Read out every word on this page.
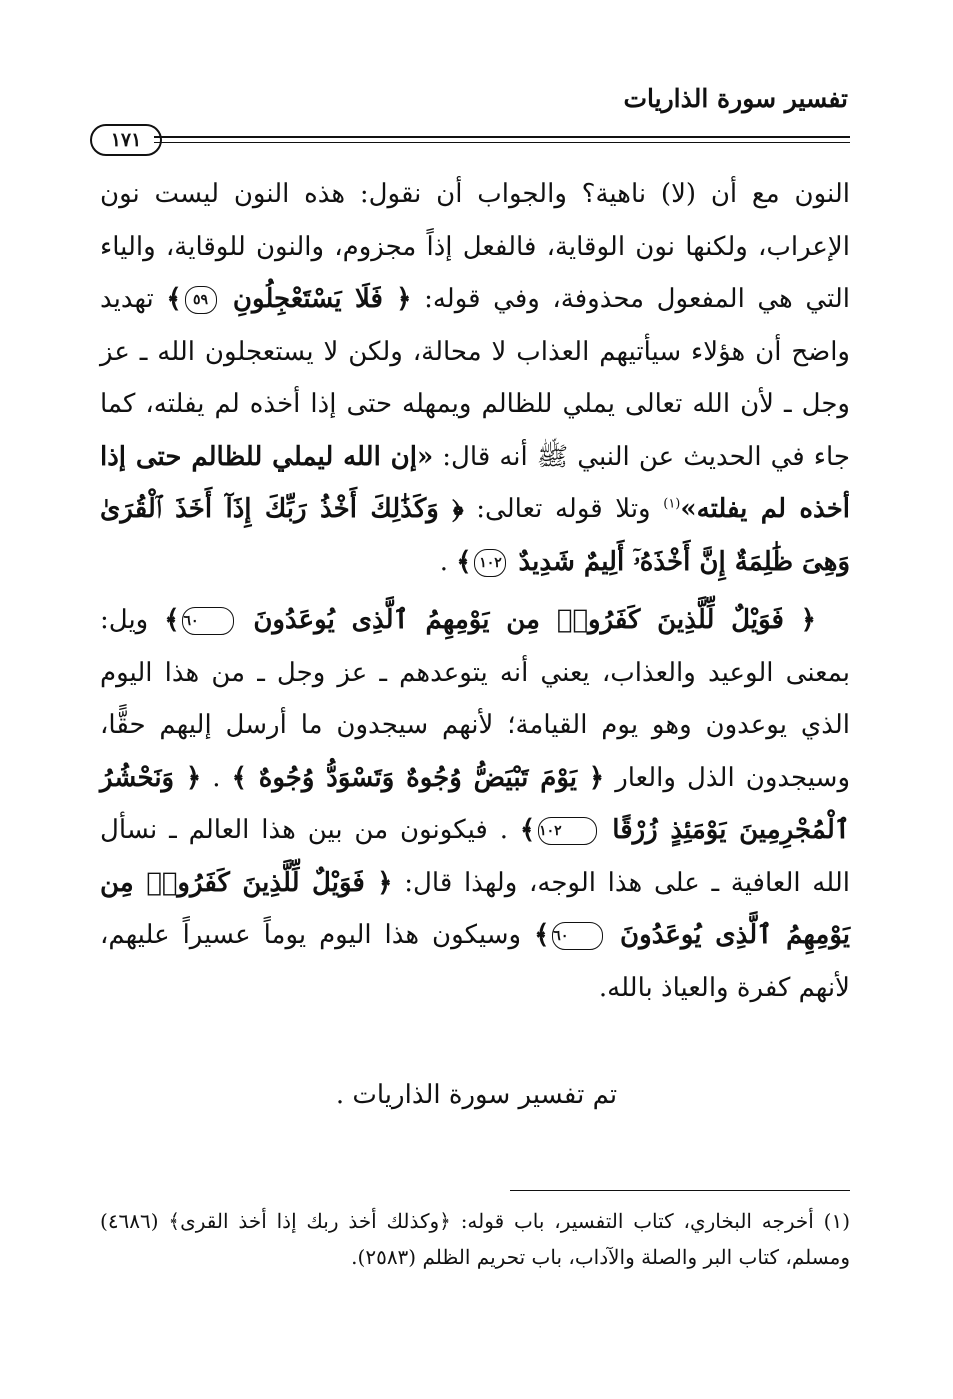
تفسير سورة الذاريات
١٧١

النون مع أن (لا) ناهية؟ والجواب أن نقول: هذه النون ليست نون الإعراب، ولكنها نون الوقاية، فالفعل إذاً مجزوم، والنون للوقاية، والياء التي هي المفعول محذوفة، وفي قوله: ﴿ فَلَا يَسْتَعْجِلُونِ ٥٩﴾ تهديد واضح أن هؤلاء سيأتيهم العذاب لا محالة، ولكن لا يستعجلون الله ـ عز وجل ـ لأن الله تعالى يملي للظالم ويمهله حتى إذا أخذه لم يفلته، كما جاء في الحديث عن النبي ﷺ أنه قال: «إن الله ليملي للظالم حتى إذا أخذه لم يفلته»$^{(١)}$ وتلا قوله تعالى: ﴿ وَكَذَٰلِكَ أَخْذُ رَبِّكَ إِذَآ أَخَذَ ٱلْقُرَىٰ وَهِىَ ظَٰلِمَةٌ إِنَّ أَخْذَهُۥٓ أَلِيمٌ شَدِيدٌ ١٠٢﴾ .

﴿ فَوَيْلٌ لِّلَّذِينَ كَفَرُوا۟ مِن يَوْمِهِمُ ٱلَّذِى يُوعَدُونَ ٦٠﴾ ويل: بمعنى الوعيد والعذاب، يعني أنه يتوعدهم ـ عز وجل ـ من هذا اليوم الذي يوعدون وهو يوم القيامة؛ لأنهم سيجدون ما أرسل إليهم حقًّا، وسيجدون الذل والعار ﴿ يَوْمَ تَبْيَضُّ وُجُوهٌ وَتَسْوَدُّ وُجُوهٌ ﴾ . ﴿ وَنَحْشُرُ ٱلْمُجْرِمِينَ يَوْمَئِذٍ زُرْقًا ١٠٢﴾ . فيكونون من بين هذا العالم ـ نسأل الله العافية ـ على هذا الوجه، ولهذا قال: ﴿ فَوَيْلٌ لِّلَّذِينَ كَفَرُوا۟ مِن يَوْمِهِمُ ٱلَّذِى يُوعَدُونَ ٦٠﴾ وسيكون هذا اليوم يوماً عسيراً عليهم، لأنهم كفرة والعياذ بالله.

تم تفسير سورة الذاريات .

(١) أخرجه البخاري، كتاب التفسير، باب قوله: ﴿وكذلك أخذ ربك إذا أخذ القرى﴾ (٤٦٨٦) ومسلم، كتاب البر والصلة والآداب، باب تحريم الظلم (٢٥٨٣).
